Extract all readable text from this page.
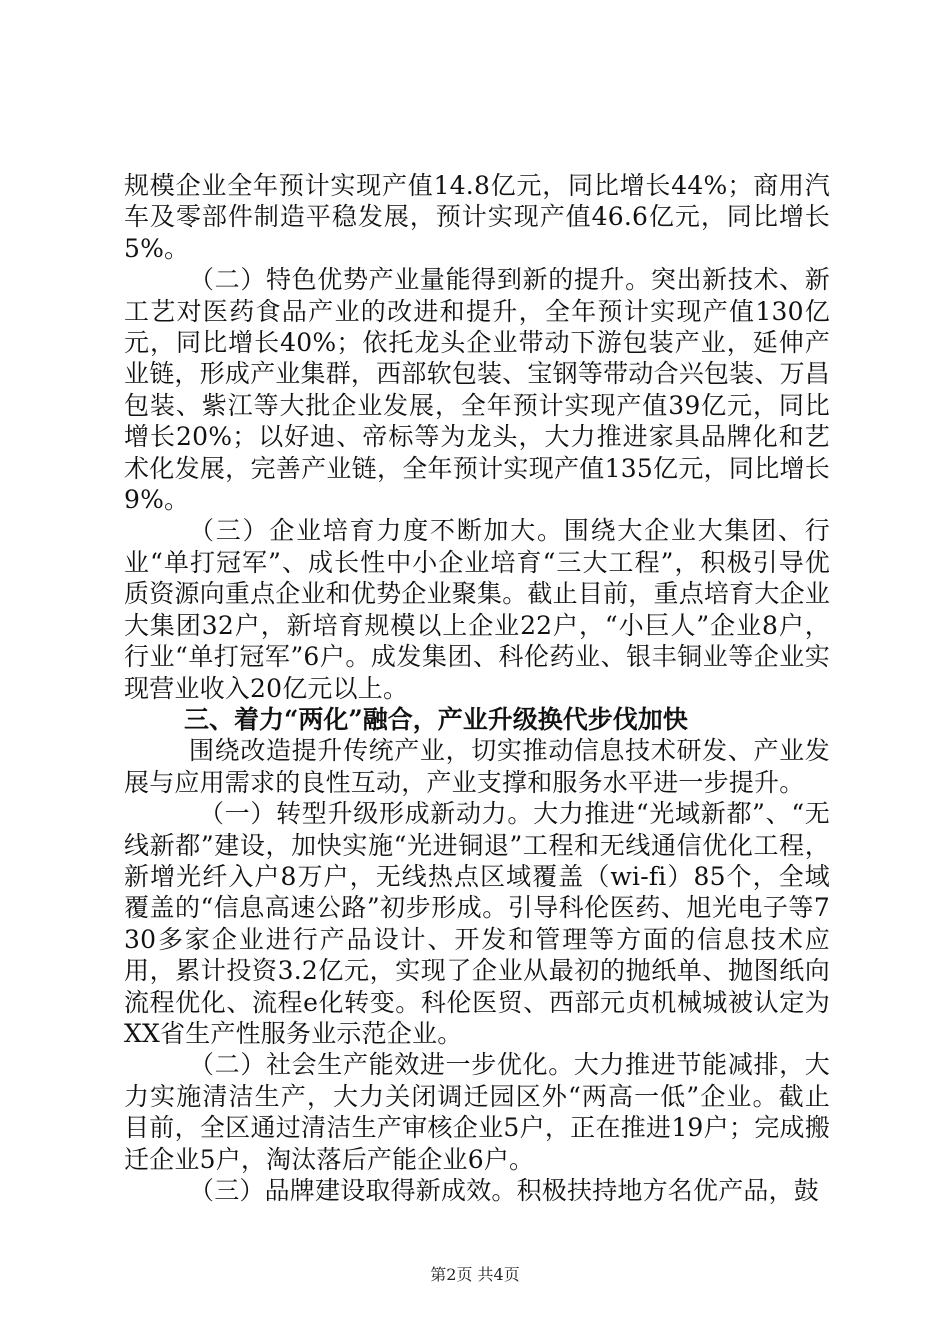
规模企业全年预计实现产值14.8亿元，同比增长44%；商用汽车及零部件制造平稳发展，预计实现产值46.6亿元，同比增长5%。

（二）特色优势产业量能得到新的提升。突出新技术、新工艺对医药食品产业的改进和提升，全年预计实现产值130亿元，同比增长40%；依托龙头企业带动下游包装产业，延伸产业链，形成产业集群，西部软包装、宝钢等带动合兴包装、万昌包装、紫江等大批企业发展，全年预计实现产值39亿元，同比增长20%；以好迪、帝标等为龙头，大力推进家具品牌化和艺术化发展，完善产业链，全年预计实现产值135亿元，同比增长9%。

（三）企业培育力度不断加大。围绕大企业大集团、行业“单打冠军”、成长性中小企业培育“三大工程”，积极引导优质资源向重点企业和优势企业聚集。截止目前，重点培育大企业大集团32户，新培育规模以上企业22户，“小巨人”企业8户，行业“单打冠军”6户。成发集团、科伦药业、银丰铜业等企业实现营业收入20亿元以上。

三、着力“两化”融合，产业升级换代步伐加快

围绕改造提升传统产业，切实推动信息技术研发、产业发展与应用需求的良性互动，产业支撑和服务水平进一步提升。

（一）转型升级形成新动力。大力推进“光域新都”、“无线新都”建设，加快实施“光进铜退”工程和无线通信优化工程，新增光纤入户8万户，无线热点区域覆盖（wi-fi）85个，全域覆盖的“信息高速公路”初步形成。引导科伦医药、旭光电子等730多家企业进行产品设计、开发和管理等方面的信息技术应用，累计投资3.2亿元，实现了企业从最初的抛纸单、抛图纸向流程优化、流程e化转变。科伦医贸、西部元贞机械城被认定为XX省生产性服务业示范企业。

（二）社会生产能效进一步优化。大力推进节能减排，大力实施清洁生产，大力关闭调迁园区外“两高一低”企业。截止目前，全区通过清洁生产审核企业5户，正在推进19户；完成搬迁企业5户，淘汰落后产能企业6户。

（三）品牌建设取得新成效。积极扶持地方名优产品，鼓

第2页 共4页
